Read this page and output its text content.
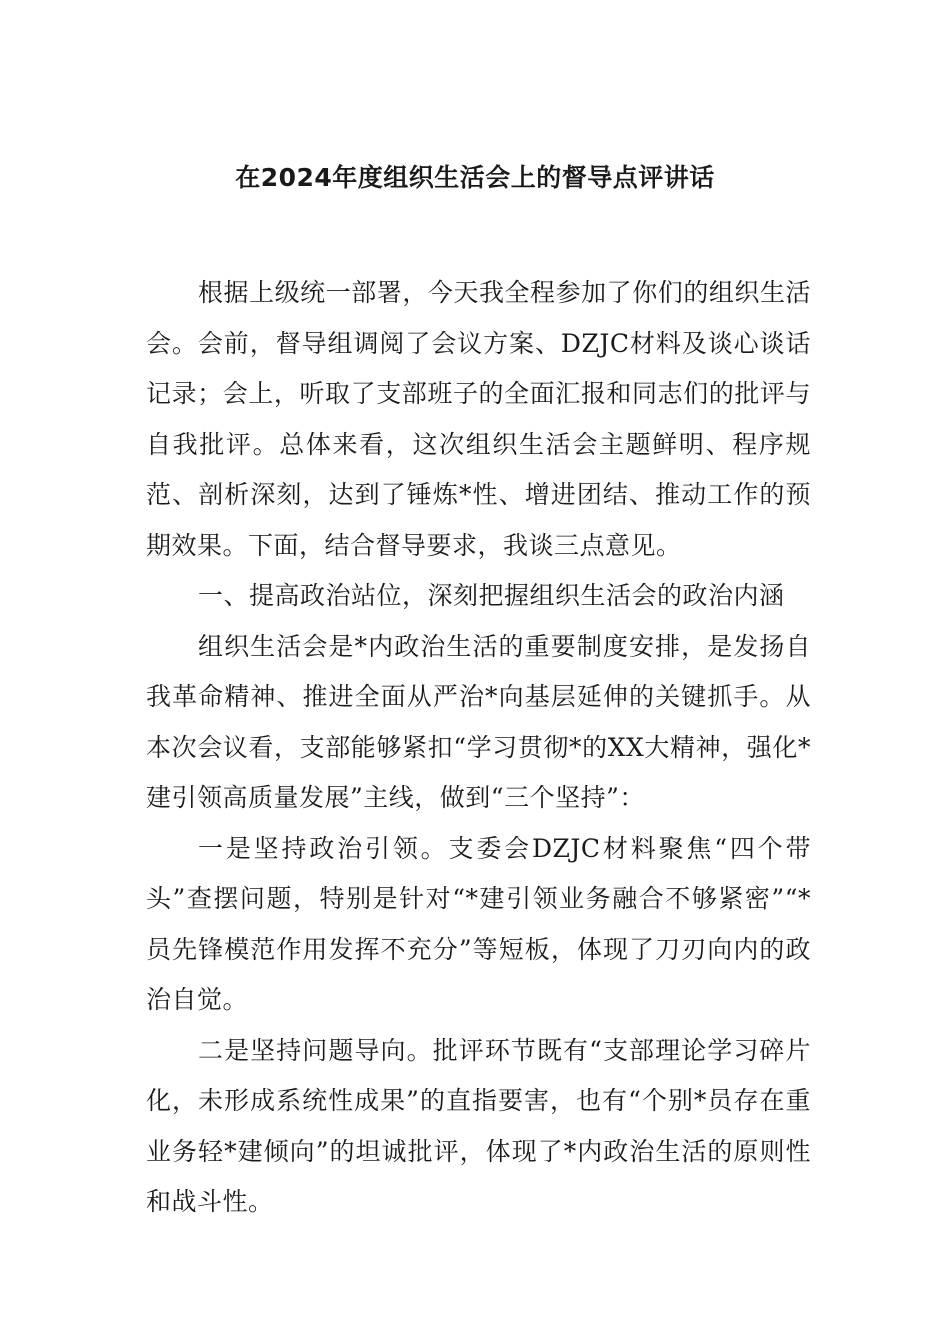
在2024年度组织生活会上的督导点评讲话

根据上级统一部署，今天我全程参加了你们的组织生活会。会前，督导组调阅了会议方案、DZJC材料及谈心谈话记录；会上，听取了支部班子的全面汇报和同志们的批评与自我批评。总体来看，这次组织生活会主题鲜明、程序规范、剖析深刻，达到了锤炼*性、增进团结、推动工作的预期效果。下面，结合督导要求，我谈三点意见。

一、提高政治站位，深刻把握组织生活会的政治内涵

组织生活会是*内政治生活的重要制度安排，是发扬自我革命精神、推进全面从严治*向基层延伸的关键抓手。从本次会议看，支部能够紧扣“学习贯彻*的XX大精神，强化*建引领高质量发展”主线，做到“三个坚持”：

一是坚持政治引领。支委会DZJC材料聚焦“四个带头”查摆问题，特别是针对“*建引领业务融合不够紧密”“*员先锋模范作用发挥不充分”等短板，体现了刀刃向内的政治自觉。

二是坚持问题导向。批评环节既有“支部理论学习碎片化，未形成系统性成果”的直指要害，也有“个别*员存在重业务轻*建倾向”的坦诚批评，体现了*内政治生活的原则性和战斗性。
